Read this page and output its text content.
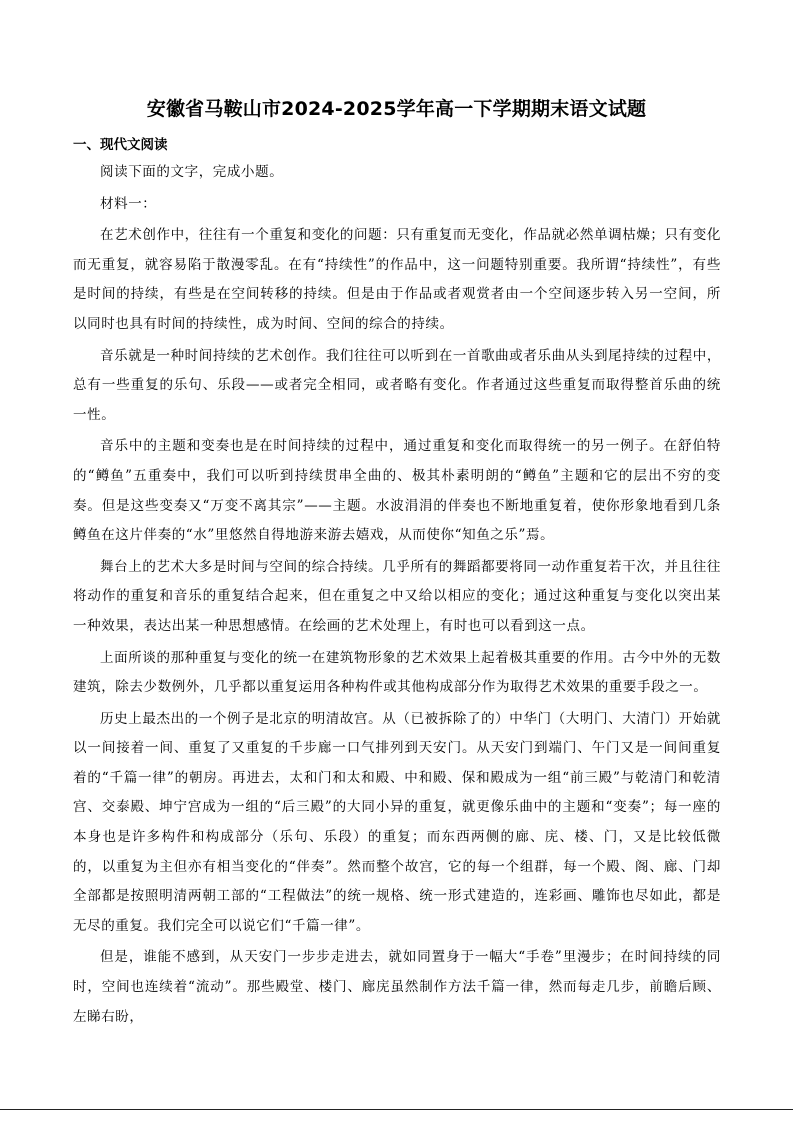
安徽省马鞍山市2024-2025学年高一下学期期末语文试题
一、现代文阅读

阅读下面的文字，完成小题。

材料一：

在艺术创作中，往往有一个重复和变化的问题：只有重复而无变化，作品就必然单调枯燥；只有变化而无重复，就容易陷于散漫零乱。在有“持续性”的作品中，这一问题特别重要。我所谓“持续性”，有些是时间的持续，有些是在空间转移的持续。但是由于作品或者观赏者由一个空间逐步转入另一空间，所以同时也具有时间的持续性，成为时间、空间的综合的持续。

音乐就是一种时间持续的艺术创作。我们往往可以听到在一首歌曲或者乐曲从头到尾持续的过程中，总有一些重复的乐句、乐段——或者完全相同，或者略有变化。作者通过这些重复而取得整首乐曲的统一性。

音乐中的主题和变奏也是在时间持续的过程中，通过重复和变化而取得统一的另一例子。在舒伯特的“鳟鱼”五重奏中，我们可以听到持续贯串全曲的、极其朴素明朗的“鳟鱼”主题和它的层出不穷的变奏。但是这些变奏又“万变不离其宗”——主题。水波涓涓的伴奏也不断地重复着，使你形象地看到几条鳟鱼在这片伴奏的“水”里悠然自得地游来游去嬉戏，从而使你“知鱼之乐”焉。

舞台上的艺术大多是时间与空间的综合持续。几乎所有的舞蹈都要将同一动作重复若干次，并且往往将动作的重复和音乐的重复结合起来，但在重复之中又给以相应的变化；通过这种重复与变化以突出某一种效果，表达出某一种思想感情。在绘画的艺术处理上，有时也可以看到这一点。

上面所谈的那种重复与变化的统一在建筑物形象的艺术效果上起着极其重要的作用。古今中外的无数建筑，除去少数例外，几乎都以重复运用各种构件或其他构成部分作为取得艺术效果的重要手段之一。

历史上最杰出的一个例子是北京的明清故宫。从（已被拆除了的）中华门（大明门、大清门）开始就以一间接着一间、重复了又重复的千步廊一口气排列到天安门。从天安门到端门、午门又是一间间重复着的“千篇一律”的朝房。再进去，太和门和太和殿、中和殿、保和殿成为一组“前三殿”与乾清门和乾清宫、交泰殿、坤宁宫成为一组的“后三殿”的大同小异的重复，就更像乐曲中的主题和“变奏”；每一座的本身也是许多构件和构成部分（乐句、乐段）的重复；而东西两侧的廊、庑、楼、门，又是比较低微的，以重复为主但亦有相当变化的“伴奏”。然而整个故宫，它的每一个组群，每一个殿、阁、廊、门却全部都是按照明清两朝工部的“工程做法”的统一规格、统一形式建造的，连彩画、雕饰也尽如此，都是无尽的重复。我们完全可以说它们“千篇一律”。

但是，谁能不感到，从天安门一步步走进去，就如同置身于一幅大“手卷”里漫步；在时间持续的同时，空间也连续着“流动”。那些殿堂、楼门、廊庑虽然制作方法千篇一律，然而每走几步，前瞻后顾、左睇右盼，
